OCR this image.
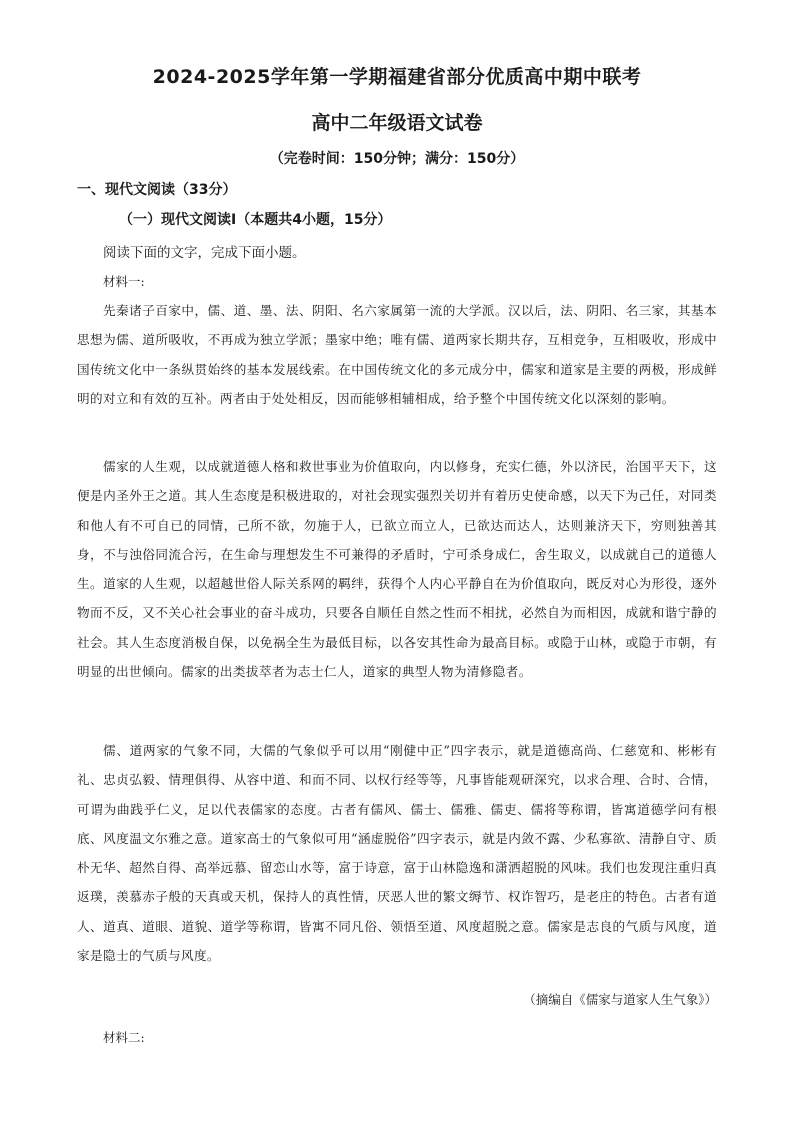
2024-2025学年第一学期福建省部分优质高中期中联考
高中二年级语文试卷
（完卷时间：150分钟；满分：150分）
一、现代文阅读（33分）
（一）现代文阅读Ⅰ（本题共4小题，15分）
阅读下面的文字，完成下面小题。
材料一:

先秦诸子百家中，儒、道、墨、法、阴阳、名六家属第一流的大学派。汉以后，法、阴阳、名三家，其基本思想为儒、道所吸收，不再成为独立学派；墨家中绝；唯有儒、道两家长期共存，互相竞争，互相吸收，形成中国传统文化中一条纵贯始终的基本发展线索。在中国传统文化的多元成分中，儒家和道家是主要的两极，形成鲜明的对立和有效的互补。两者由于处处相反，因而能够相辅相成，给予整个中国传统文化以深刻的影响。

儒家的人生观，以成就道德人格和救世事业为价值取向，内以修身，充实仁德，外以济民，治国平天下，这便是内圣外王之道。其人生态度是积极进取的，对社会现实强烈关切并有着历史使命感，以天下为己任，对同类和他人有不可自已的同情，己所不欲，勿施于人，已欲立而立人，已欲达而达人，达则兼济天下，穷则独善其身，不与浊俗同流合污，在生命与理想发生不可兼得的矛盾时，宁可杀身成仁，舍生取义，以成就自己的道德人生。道家的人生观，以超越世俗人际关系网的羁绊，获得个人内心平静自在为价值取向，既反对心为形役，逐外物而不反，又不关心社会事业的奋斗成功，只要各自顺任自然之性而不相扰，必然自为而相因，成就和谐宁静的社会。其人生态度消极自保，以免祸全生为最低目标，以各安其性命为最高目标。或隐于山林，或隐于市朝，有明显的出世倾向。儒家的出类拔萃者为志士仁人，道家的典型人物为清修隐者。

儒、道两家的气象不同，大儒的气象似乎可以用“刚健中正”四字表示，就是道德高尚、仁慈宽和、彬彬有礼、忠贞弘毅、情理俱得、从容中道、和而不同、以权行经等等，凡事皆能观研深究，以求合理、合时、合情，可谓为曲践乎仁义，足以代表儒家的态度。古者有儒风、儒士、儒雅、儒吏、儒将等称谓，皆寓道德学问有根底、风度温文尔雅之意。道家高士的气象似可用“涵虚脱俗”四字表示，就是内敛不露、少私寡欲、清静自守、质朴无华、超然自得、高举远慕、留恋山水等，富于诗意，富于山林隐逸和潇洒超脱的风味。我们也发现注重归真返璞，羡慕赤子般的天真或天机，保持人的真性情，厌恶人世的繁文缛节、权诈智巧，是老庄的特色。古者有道人、道真、道眼、道貌、道学等称谓，皆寓不同凡俗、领悟至道、风度超脱之意。儒家是志良的气质与风度，道家是隐士的气质与风度。

（摘编自《儒家与道家人生气象》）
材料二:
